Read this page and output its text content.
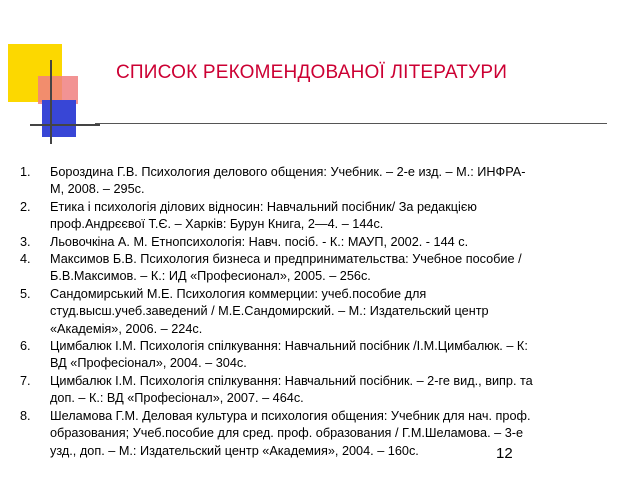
СПИСОК РЕКОМЕНДОВАНОЇ ЛІТЕРАТУРИ
1. Бороздина Г.В. Психология делового общения: Учебник. – 2-е изд. – М.: ИНФРА-
М, 2008. – 295с.
2. Етика і психологія ділових відносин: Навчальний посібник/ За редакцією
проф.Андрєєвої Т.Є. – Харків: Бурун Книга, 2—4. – 144с.
3. Льовочкіна А. М. Етнопсихологія: Навч. посіб. - К.: МАУП, 2002. - 144 с.
4. Максимов Б.В. Психология бизнеса и предпринимательства: Учебное пособие /
Б.В.Максимов. – К.: ИД «Професионал», 2005. – 256с.
5. Сандомирський М.Е. Психология коммерции: учеб.пособие для
студ.высш.учеб.заведений / М.Е.Сандомирский. – М.: Издательский центр
«Академія», 2006. – 224с.
6. Цимбалюк І.М. Психологія спілкування: Навчальний посібник /І.М.Цимбалюк. – К:
ВД «Професіонал», 2004. – 304с.
7. Цимбалюк І.М. Психологія спілкування: Навчальний посібник. – 2-ге вид., випр. та
доп. – К.: ВД «Професіонал», 2007. – 464с.
8. Шеламова Г.М. Деловая культура и психология общения: Учебник для нач. проф.
образования; Учеб.пособие для сред. проф. образования / Г.М.Шеламова. – 3-е
узд., доп. – М.: Издательский центр «Академия», 2004. – 160с.	12
